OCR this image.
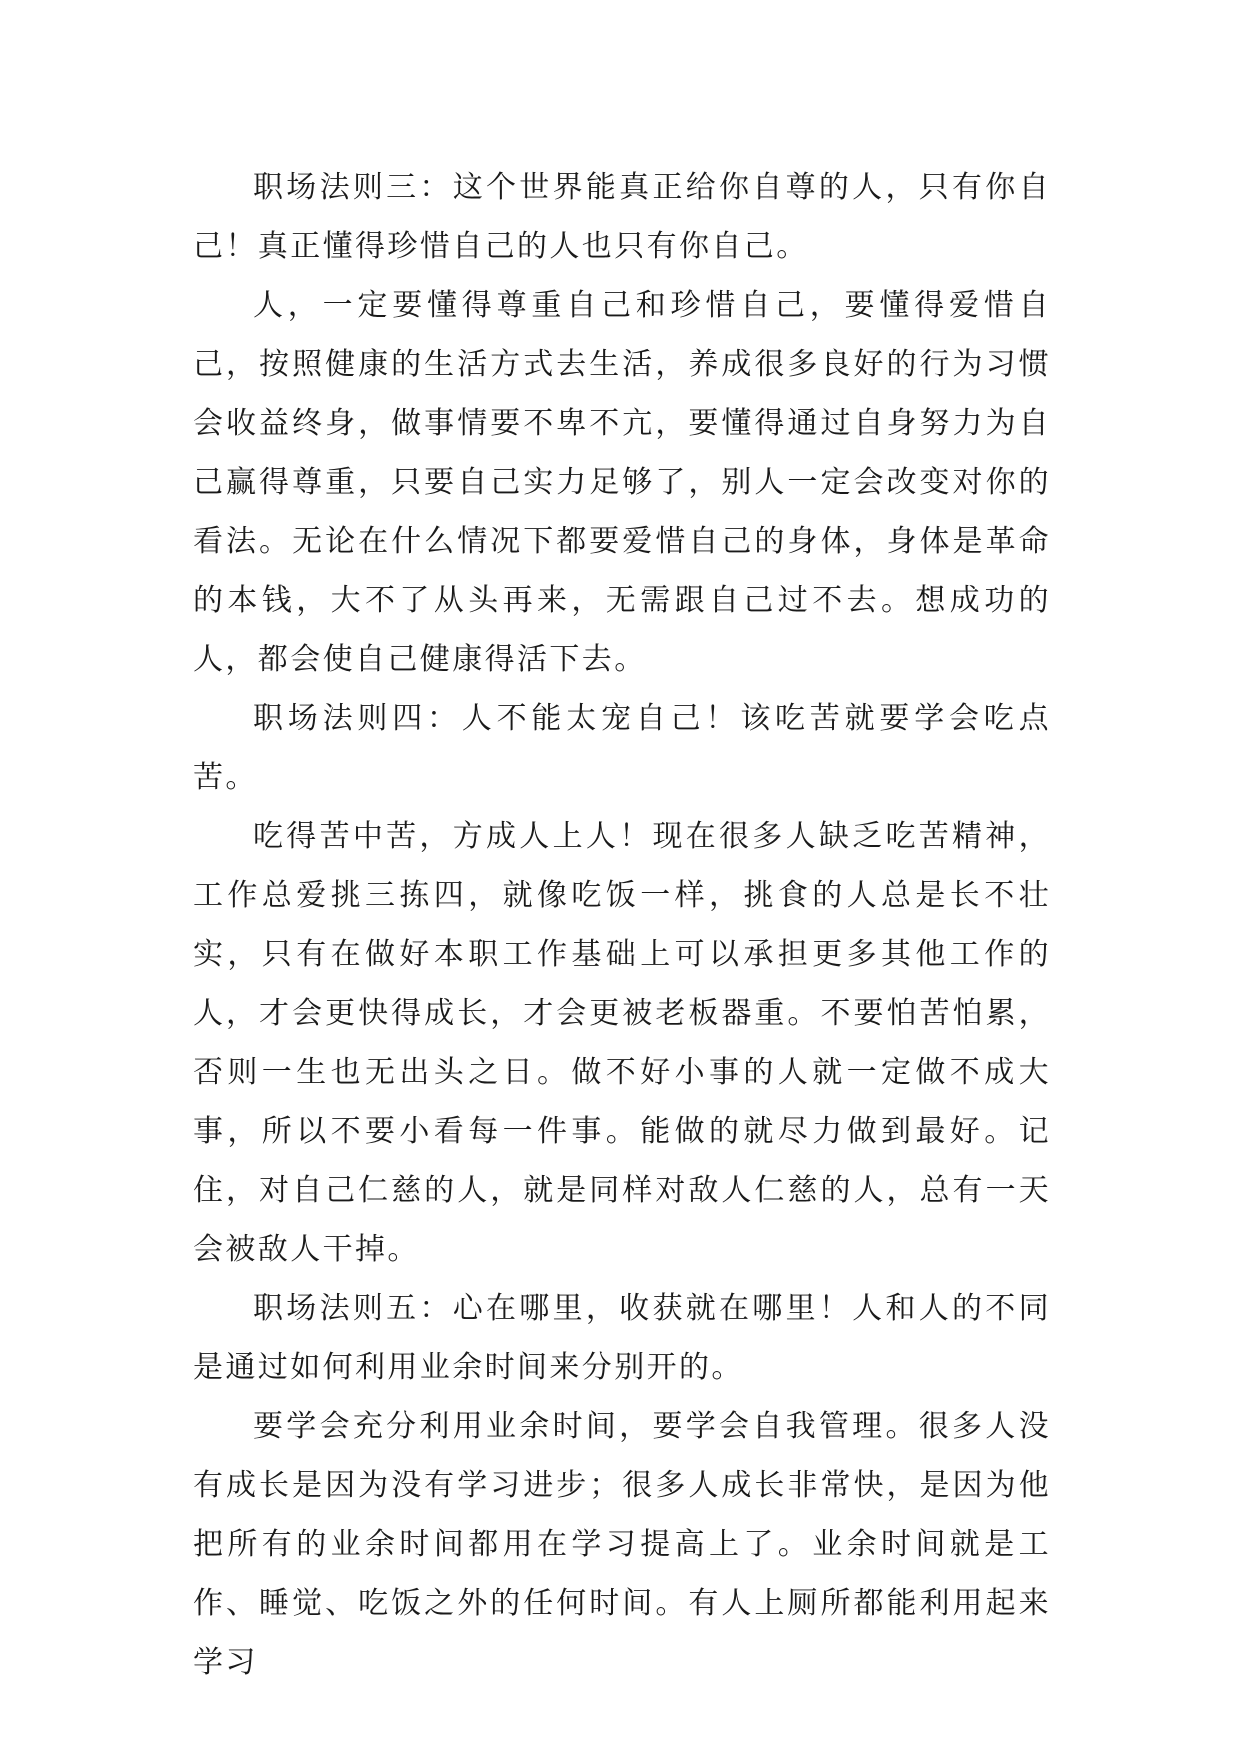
职场法则三：这个世界能真正给你自尊的人，只有你自己！真正懂得珍惜自己的人也只有你自己。

人，一定要懂得尊重自己和珍惜自己，要懂得爱惜自己，按照健康的生活方式去生活，养成很多良好的行为习惯会收益终身，做事情要不卑不亢，要懂得通过自身努力为自己赢得尊重，只要自己实力足够了，别人一定会改变对你的看法。无论在什么情况下都要爱惜自己的身体，身体是革命的本钱，大不了从头再来，无需跟自己过不去。想成功的人，都会使自己健康得活下去。

职场法则四：人不能太宠自己！该吃苦就要学会吃点苦。

吃得苦中苦，方成人上人！现在很多人缺乏吃苦精神，工作总爱挑三拣四，就像吃饭一样，挑食的人总是长不壮实，只有在做好本职工作基础上可以承担更多其他工作的人，才会更快得成长，才会更被老板器重。不要怕苦怕累，否则一生也无出头之日。做不好小事的人就一定做不成大事，所以不要小看每一件事。能做的就尽力做到最好。记住，对自己仁慈的人，就是同样对敌人仁慈的人，总有一天会被敌人干掉。

职场法则五：心在哪里，收获就在哪里！人和人的不同是通过如何利用业余时间来分别开的。

要学会充分利用业余时间，要学会自我管理。很多人没有成长是因为没有学习进步；很多人成长非常快，是因为他把所有的业余时间都用在学习提高上了。业余时间就是工作、睡觉、吃饭之外的任何时间。有人上厕所都能利用起来学习
